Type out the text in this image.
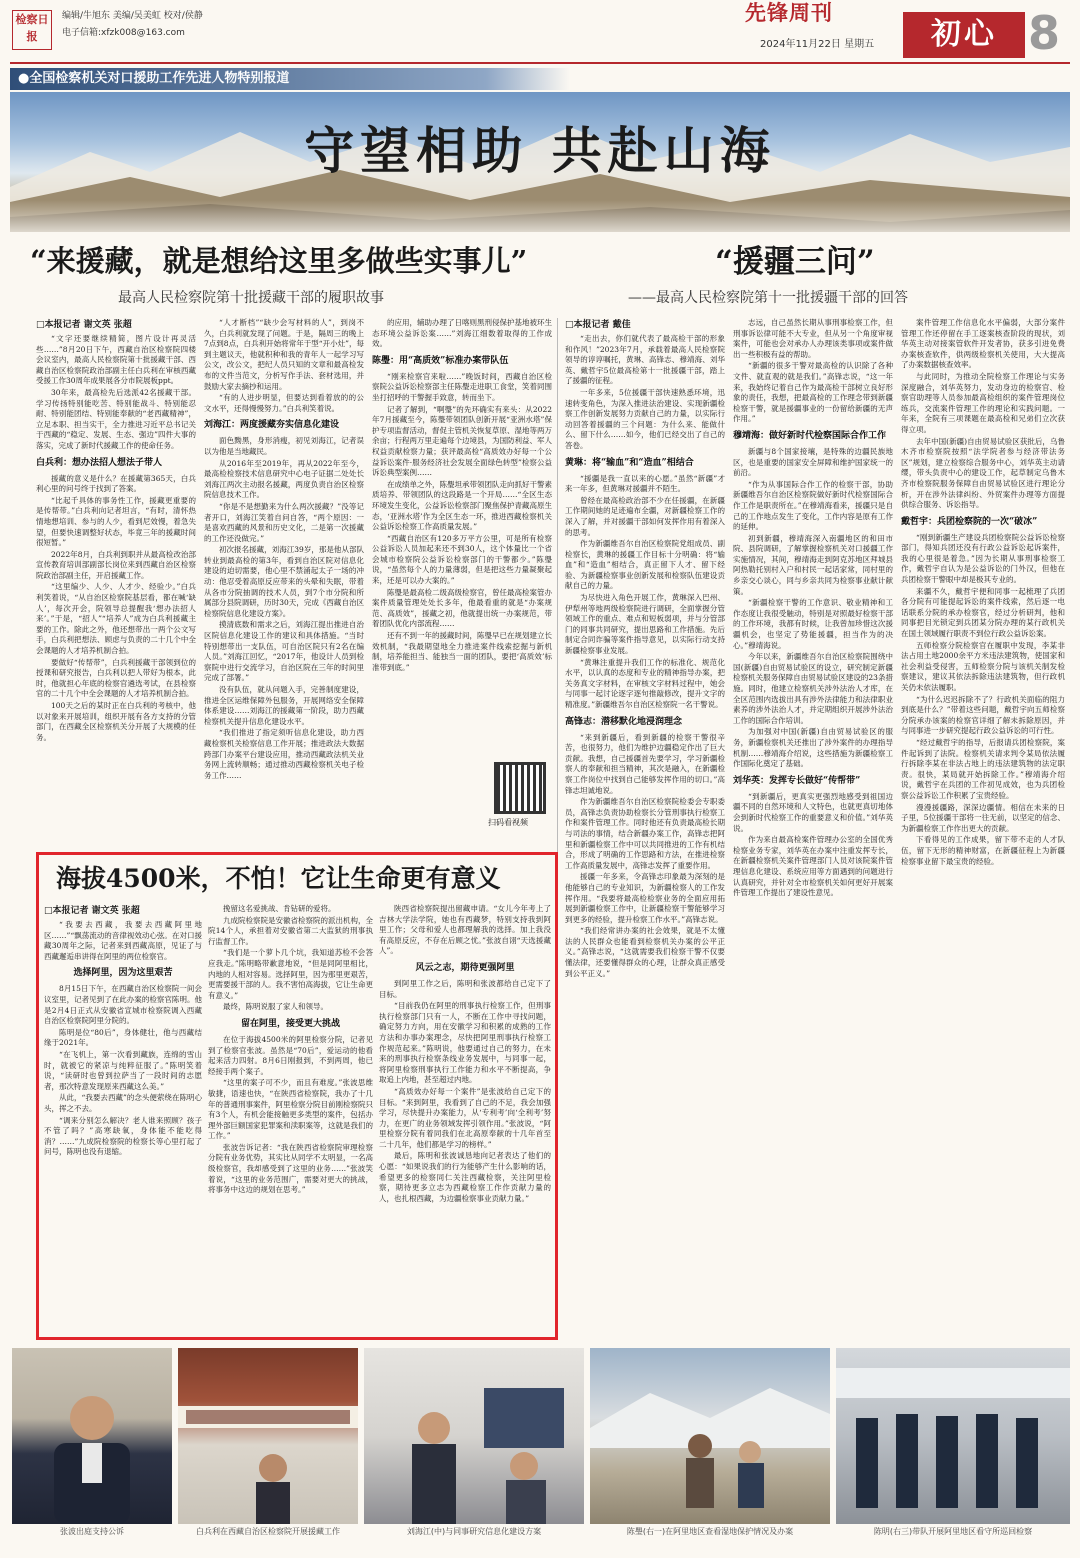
检察日报
编辑/牛旭东 美编/吴美虹 校对/侯静
电子信箱:xfzk008@163.com
先锋周刊
2024年11月22日 星期五	初心 8
●全国检察机关对口援助工作先进人物特别报道
守望相助 共赴山海
“来援藏，就是想给这里多做些实事儿”
最高人民检察院第十批援藏干部的履职故事
“援疆三问”
——最高人民检察院第十一批援疆干部的回答
□本报记者 谢文英 张超
“文字还要继续精简，图片设计再灵活些……”8月20日下午，西藏自治区检察院四楼会议室内，最高人民检察院第十批援藏干部、西藏自治区检察院政治部副主任白兵利在审核西藏受援工作30周年成果展各分市院展板ppt。
30年来，最高检先后选派42名援藏干部。学习传扬特别能吃苦、特别能战斗、特别能忍耐、特别能团结、特别能奉献的“老西藏精神”，立足本职、担当实干，全力推进习近平总书记关于西藏的“稳定、发展、生态、强边”四件大事的落实，完成了新时代援藏工作的使命任务。
白兵利：想办法招人想法子带人
援藏的意义是什么？在援藏第365天，白兵利心里的问号终于找到了答案。
“比起千具体的事务性工作，援藏更重要的是传帮带。”白兵利向记者坦言，“有时，清怀热情地想培训、参与的人少，看到尼效慢，着急失望，但要快速调整好状态，毕竟三年的援藏时间很短暂。”
2022年8月，白兵利到职并从最高检改治部宣传教育培训部副部长岗位来到西藏自治区检察院政治部副主任，开启援藏工作。
“这里编少、人少、人才少、经验少。”白兵利笑着说，“从自治区检察院基层看，都在喊‘缺人’，每次开会，院领导总提醒我‘想办法招人来’。”于是，“招人”“培养人”成为白兵利援藏主要的工作。除此之外，他还想带出一两个公文写手，白兵利把想法、顾虑与负责的二十几个中全会课题的人才培养机制合拍。
要做好“传帮带”，白兵利援藏干部领到位的授课和研究报告，白兵利以把人带好为根本，此时，他就担心年底的检察官遴选考试，在县检察官的二十几个中全会课题的人才培养机制合拍。
100天之后的某时正在白兵利的考核中，他以对象来开展培训，组织开展有各方支持的分管部门，在西藏全区检察机关分开展了大规模的任务。
“人才断档”“缺少会写材料的人”，到岗不久，白兵利就发现了问题。于是，隔周三的晚上7点到8点，白兵利开始将常年于型“开小灶”，每到主题议天，他就积种和我的青年人一起学习写公文，改公文，把纪人员只知的文章和最高检发布的文件当范文，分析写作手法、套材选用，并鼓励大家去摘抄和运用。
“有的人进步明显，但要达到看着放的的公文水平，还得慢慢努力。”白兵利笑着说。
刘海江：两度援藏夯实信息化建设
面色黝黑，身形消瘦，初见刘海江，记者误以为他是当地藏民。
从2016年至2019年，再从2022年至今，最高检检察技术信息研究中心电子证据二处处长刘海江两次主动报名援藏，两度负责自治区检察院信息技术工作。
“你是不是想勤来为什么两次援藏？”没等记者开口，刘海江笑着自问自答，“两个原因：一是喜欢西藏的风景和历史文化，二是第一次援藏的工作还没做完。”
初次报名援藏，刘海江39岁，那是他从部队转业到最高检的第3年，看到自治区院对信息化建设的迫切需要，他心里不禁涌起太子一场的冲动：他忍受着高原反应带来的头晕和失眠，带着从各市分院抽调的技术人员，到7个市分院和所属部分县院调研，历时30天，完成《西藏自治区检察院信息化建设方案》。
摸清底数和需求之后，刘海江提出推进自治区院信息化建设工作的建议和具体措施。“当时特别想带出一支队伍，可自治区院只有2名在编人员。”刘海江回忆，“2017年，他设计人员到检察院中进行交流学习，自治区院在三年的时间里完成了部署。”
没有队伍，就从问题入手，完善制度建设，推进全区运维保障外包服务，开展网络安全保障体系建设……刘海江的援藏第一阶段，助力西藏检察机关提升信息化建设水平。
“我们推进了指定须听信息化建设，助力西藏检察机关检察信息工作开展；推进政法大数据跨部门办案平台建设应用，推动西藏政法机关业务网上流转顺畅；通过推动西藏检察机关电子检务工作……
的应用，辅助办理了日喀则黑刑侵保护基地被环生态环境公益诉讼案……”刘海江细数着取得的工作成效。
陈璺：用“高质效”标准办案带队伍
“刚来检察官来啦……”晚饭时间，西藏自治区检察院公益诉讼检察部主任陈璺走进职工食堂，笑着同围坐打招呼的干警握手致意，转而坐下。
记者了解到，“啊璺”的先环确实有来头：从2022年7月援藏至今，陈璺带领团队创新开展“亚洲水塔”保护专项监督活动，督促主管机关恢复草原、湿地等两万余亩；行程两万里走遍每个边境县，为国防利益、军人权益贡献检察力量；获评最高检“高质效办好每一个公益诉讼案件·服务经济社会发展全面绿色转型”检察公益诉讼典型案例……
在成绩单之外，陈璺坦承带领团队走向抓好干警素质培养、带领团队的这段路是一个开局……“全区生态环境发生变化，公益诉讼检察部门聚焦保护青藏高原生态，‘亚洲水塔’作为全区生态一环，推进西藏检察机关公益诉讼检察工作高质量发展。”
“西藏自治区有120多万平方公里，可是所有检察公益诉讼人员加起来还不到30人，这个体量比一个省会城市检察院公益诉讼检察部门的干警都少。”陈璺说，“虽然每个人的力量薄弱，但是把这些力量凝聚起来，还是可以办大案的。”
陈璺是最高检二级高级检察官，曾任最高检案管办案件质量管理处处长多年，他最看重的就是“办案规范、高质效”，援藏之初，他就提出统一办案规范，带着团队优化内部流程……
还有不到一年的援藏时间，陈璺早已在规划建立长效机制，“我最期望地全力推进案件线索挖掘与新机制，培养能担当、能独当一面的团队，要把‘高质效’标准带到底。”
扫码看视频
□本报记者 戴佳
“走出去，你们就代表了最高检干部的形象和作风！”2023年7月，承载着最高人民检察院领导的谆谆嘱托，黄琳、高锋志、穆靖海、刘华英、戴哲宇5位最高检第十一批援疆干部，踏上了援疆的征程。
一年多来，5位援疆干部快速熟悉环境，迅速转变角色，为深入推进法治建设、实现新疆检察工作创新发展努力贡献自己的力量，以实际行动回答着援疆的三个问题：为什么来、能做什么、留下什么……如今，他们已经交出了自己的答卷。
黄琳：将“输血”和“造血”相结合
“援疆是我一直以来的心愿。”虽然“新疆”才来一年多，但黄琳对援疆并不陌生。
曾经在最高检政治部不少在任援疆，在新疆工作期间她的足迹遍布全疆，对新疆检察工作的深入了解，并对援疆干部如何发挥作用有着深入的思考。
作为新疆维吾尔自治区检察院党组成员、副检察长，黄琳的援疆工作目标十分明确：将“输血”和“造血”相结合，真正留下人才、留下经验、为新疆检察事业创新发展和检察队伍建设贡献自己的力量。
为尽快进入角色开展工作，黄琳深入巴州、伊犁州等地两级检察院进行调研，全面掌握分管领域工作的重点、难点和短板弱项，并与分管部门的同事共同研究，提出思路和工作措施。先后制定合同诈骗等案件指导意见，以实际行动支持新疆检察事业发展。
“黄琳注重提升我们工作的标准化、规范化水平，以认真的态度和专业的精神指导办案，把关务真文字材料，在审核文字材料过程中，她会与同事一起讨论逐字逐句推敲修改，提升文字的精准度。”新疆维吾尔自治区检察院一名干警说。
高锋志：潜移默化地浸润理念
“来到新疆后，看到新疆的检察干警很辛苦，也很努力，他们为维护边疆稳定作出了巨大贡献。我想，自己援疆首先要学习，学习新疆检察人的奉献和担当精神，其次是融入，在新疆检察工作岗位中找到自己能够发挥作用的切口。”高锋志坦诚地说。
作为新疆维吾尔自治区检察院检委会专职委员，高锋志负责协助检察长分管刑事执行检察工作和案件管理工作。同时他还有负责最高检长期与司法的事情，结合新疆办案工作，高锋志把阿里和新疆检察工作中可以共同推进的工作有机结合，形成了明确的工作思路和方法，在推进检察工作高质量发展中，高锋志发挥了重要作用。
援疆一年多来，令高锋志印象最为深刻的是他能够自己的专业知识，为新疆检察人的工作发挥作用。“我要将最高检检察业务的全面应用拓展到新疆检察工作中，让新疆检察干警能够学习到更多的经验，提升检察工作水平。”高锋志说。
“我们经常讲办案的社会效果，就是不太懂法的人民群众也能看到检察机关办案的公平正义。”高锋志说，“这就需要我们检察干警不仅要懂法律，还要懂得群众的心理，让群众真正感受到公平正义。”
志远，自己虽然长期从事刑事检察工作，但刑事诉讼律可能不大专业，但从另一个角度审视案件，可能也会对承办人办理该类事项或案件做出一些积极有益的帮助。
“新疆的很多干警对最高检的认识除了各种文件、就直观的就是我们。”高锋志说，“这一年来，我始终记着自己作为最高检干部树立良好形象的责任，我想，把最高检的工作理念带到新疆检察干警，就是援疆事业的一份留给新疆的无声作用。”
穆靖海：做好新时代检察国际合作工作
新疆与8个国家接壤，是特殊的边疆民族地区，也是重要的国家安全屏障和维护国家统一的前沿。
“作为从事国际合作工作的检察干部，协助新疆维吾尔自治区检察院做好新时代检察国际合作工作是职责所在。”在穆靖海看来，援疆只是自己的工作地点发生了变化，工作内容是原有工作的延伸。
初到新疆，穆靖海深入南疆地区的和田市院、县院调研，了解掌握检察机关对口援疆工作实施情况，其间，穆靖海走到阿克苏地区拜城县阿热勒托别村入户和村民一起话家常，同村里的乡亲交心谈心，同与乡亲共同为检察事业献计献策。
“新疆检察干警的工作意识、敬业精神和工作态度让我很受触动，特别是对照最好检察干部的工作环境，我都有时候，让我曾加珍惜这次援疆机会，也坚定了势能援疆，担当作为的决心。”穆靖海说。
今年以来，新疆维吾尔自治区检察院围绕中国(新疆)自由贸易试验区的设立，研究制定新疆检察机关服务保障自由贸易试验区建设的23条措施。同时，他建立检察机关涉外法治人才库，在全区范围内选拔出具有涉外法律能力和法律职业素养的涉外法治人才，并定期组织开展涉外法治工作的国际合作培训。
为加强对中国(新疆)自由贸易试验区的服务，新疆检察机关还推出了涉外案件的办理指导机制……穆靖海介绍说，这些措施为新疆检察工作国际化奠定了基础。
刘华英：发挥专长做好“传帮带”
“到新疆后，更真实更强烈地感受到祖国边疆不同的自然环境和人文特色，也就更真切地体会到新时代检察工作的重要意义和价值。”刘华英说。
作为来自最高检案件管理办公室的全国优秀检察业务专家，刘华英在办案中注重发挥专长，在新疆检察机关案件管理部门人员对该院案件管理信息化建设、系统应用等方面遇到的问题进行认真研究，并针对全市检察机关如何更好开展案件管理工作提出了建设性意见。
案件管理工作信息化水平偏弱，大部分案件管理工作还停留在手工逐案核查阶段的现状，刘华英主动对接案管软件开发者协，获多引进免费办案核查软件，供两级检察机关使用，大大提高了办案数据核查效率。
与此同时，为推动全院检察工作理论与实务深度融合，刘华英努力，发动身边的检察官、检察官助理等人员参加最高检组织的案件管理岗位练兵，交流案件管理工作的理论和实践问题。一年来，全院有三项课题在最高检和兄弟们立次获得立项。
去年中国(新疆)自由贸易试验区获批后，乌鲁木齐市检察院按照“法学院者参与经济带法务区”规划，建立检察综合服务中心，刘华英主动请缨，带头负责中心的建设工作，起草制定乌鲁木齐市检察院服务保障自由贸易试验区进行理论分析，开在涉外法律纠纷、外贸案件办理等方面提供综合服务、诉讼指导。
戴哲宇：兵团检察院的一次“破冰”
“刚到新疆生产建设兵团检察院公益诉讼检察部门，得知兵团还没有行政公益诉讼起诉案件，我的心里很是着急。”因为长期从事刑事检察工作，戴哲宇自认为是公益诉讼的门外汉，但他在兵团检察干警眼中却是极其专业的。
来疆不久，戴哲宇便和同事一起梳理了兵团各分院有可能提起诉讼的案件线索，然后逐一电话联系分院的承办检察官，经过分析研判，他和同事把目光锁定到兵团某分院办理的某行政机关在国土领域履行职责不到位行政公益诉讼案。
五师检察分院检察官在履职中发现，李某非法占用土地2000余平方米违法建筑物，使国家和社会利益受侵害，五师检察分院与该机关制发检察建议，建议其依法拆除违法建筑物，但行政机关仍未依法履职。
“为什么迟迟拆除不了？行政机关面临的阻力到底是什么？”带着这些问题，戴哲宇向五师检察分院承办该案的检察官详细了解未拆除原因，并与同事进一步研究提起行政公益诉讼的可行性。
“经过戴哲宇的指导，后报请兵团检察院，案件起诉到了法院。检察机关请求判令某局依法履行拆除李某在非法占地上的违法建筑物的法定职责。很快，某局就开始拆除工作。”穆靖海介绍说，戴哲宇在兵团的工作初见成效，也为兵团检察公益诉讼工作积累了宝贵经验。
漫漫援疆路，深深边疆情。相信在未来的日子里，5位援疆干部将一往无前，以坚定的信念、为新疆检察工作作出更大的贡献。
下看得见的工作成果，留下带不走的人才队伍，留下无形的精神财富，在新疆征程上为新疆检察事业留下最宝贵的经验。
海拔4500米，不怕！它让生命更有意义
□本报记者 谢文英 张超
“我要去西藏，我要去西藏阿里地区……”“飘荡流动的音律视效动心弦。在对口援藏30周年之际，记者来到西藏高原，见证了与西藏邂逅串讲得在阿里的两位检察官。
选择阿里，因为这里艰苦
8月15日下午，在西藏自治区检察院一间会议室里，记者见到了在此办案的检察官陈明。他是2月4日正式从安徽省宣城市检察院调入西藏自治区检察院阿里分院的。
陈明是位“80后”，身体健壮，他与西藏结缘于2021年。
“在飞机上，第一次看到藏族，连绵的雪山时，就被它的紧凉与纯粹征服了。”陈明笑着说，“读研时也曾到拉萨当了一段时间的志愿者，那次特意发现原来西藏这么美。”
从此，“我要去西藏”的念头便萦绕在陈明心头，挥之不去。
“调来分别怎么解决？老人谁来照顾？孩子不管了吗？”高寒缺氧，身体能不能吃得消？……”九成院检察院的检察长等心里打起了问号，陈明也没有退缩。
挽留这名爱挑战、肯钻研的爱将。
九成院检察院是安徽省检察院的派出机构，全院14个人，承担着对安徽省第二大监狱的刑事执行监督工作。
“我们是一个萝卜几个坑，我知道苏检不会答应我走。”陈明略带歉意地说，“但是同阿里相比，内地的人相对容易。选择阿里，因为那里更艰苦，更需要援干部的人。我不害怕高海拔，它让生命更有意义。”
最终，陈明说服了家人和领导。
留在阿里，接受更大挑战
在位于海拔4500米的阿里检察分院，记者见到了检察官张波。虽然是“70后”，爱运动的他看起来活力四射。8月6日刚报到，不到两周，他已经接手两个案子。
“这里的案子可不少，而且有难度。”张波思维敏捷，语速也快，“在陕西省检察院，我办了十几年的普通刑事案件，阿里检察分院目前刚检察院只有3个人，有机会能接触更多类型的案件，包括办理外部巨额国家犯罪案和渎职案等，这就是我们的工作。”
张波告诉记者：“我在陕西省检察院审理检察分院有业务优势，其实比从同学不太明显，一名高级检察官，我却感受到了这里的业务……”张波笑着说，“这里的业务范围广，需要对更大的挑战，将事务中这边的规划在思考。”
陕西省检察院提出留藏申请。“女儿今年考上了吉林大学法学院，她也有西藏梦，特别支持我到阿里工作；父母和爱人也都理解我的选择。加上我没有高原反应，不存在后顾之忧。”张波自诩“天选援藏人”。
风云之志，期待更强阿里
到阿里工作之后，陈明和张波都给自己定下了目标。
“目前我仍在阿里的刑事执行检察工作，但刑事执行检察部门只有一人，不断在工作中寻找问题，确定努力方向，用在安徽学习和积累的成熟的工作方法和办事办案理念，尽快把阿里刑事执行检察工作规范起来。”陈明说，他要通过自己的努力，在未来的刑事执行检察条线业务发展中，与同事一起，将阿里检察刑事执行工作能力和水平不断提高，争取追上内地，甚至超过内地。
“高质效办好每一个案件”是张波给自己定下的目标。“来到阿里，我看到了自己的不足，我会加强学习，尽快提升办案能力，从‘专利考’向‘全利考’努力，在更广的业务领域发挥引领作用。”张波说，“阿里检察分院有着同我们在北高原奉献的十几年首至二十几年，他们都是学习的榜样。”
最后，陈明和张波诚恳地向记者表达了他们的心愿：“如果说我们的行为能够产生什么影响的话，希望更多的检察同仁关注西藏检察，关注阿里检察，期待更多立志为西藏检察工作作贡献力量的人，也扎根西藏，为边疆检察事业贡献力量。”
张波出庭支持公诉	白兵利在西藏自治区检察院开展援藏工作	刘海江(中)与同事研究信息化建设方案	陈璺(右一)在阿里地区查看湿地保护情况及办案	陈明(右三)带队开展阿里地区看守所巡回检察
